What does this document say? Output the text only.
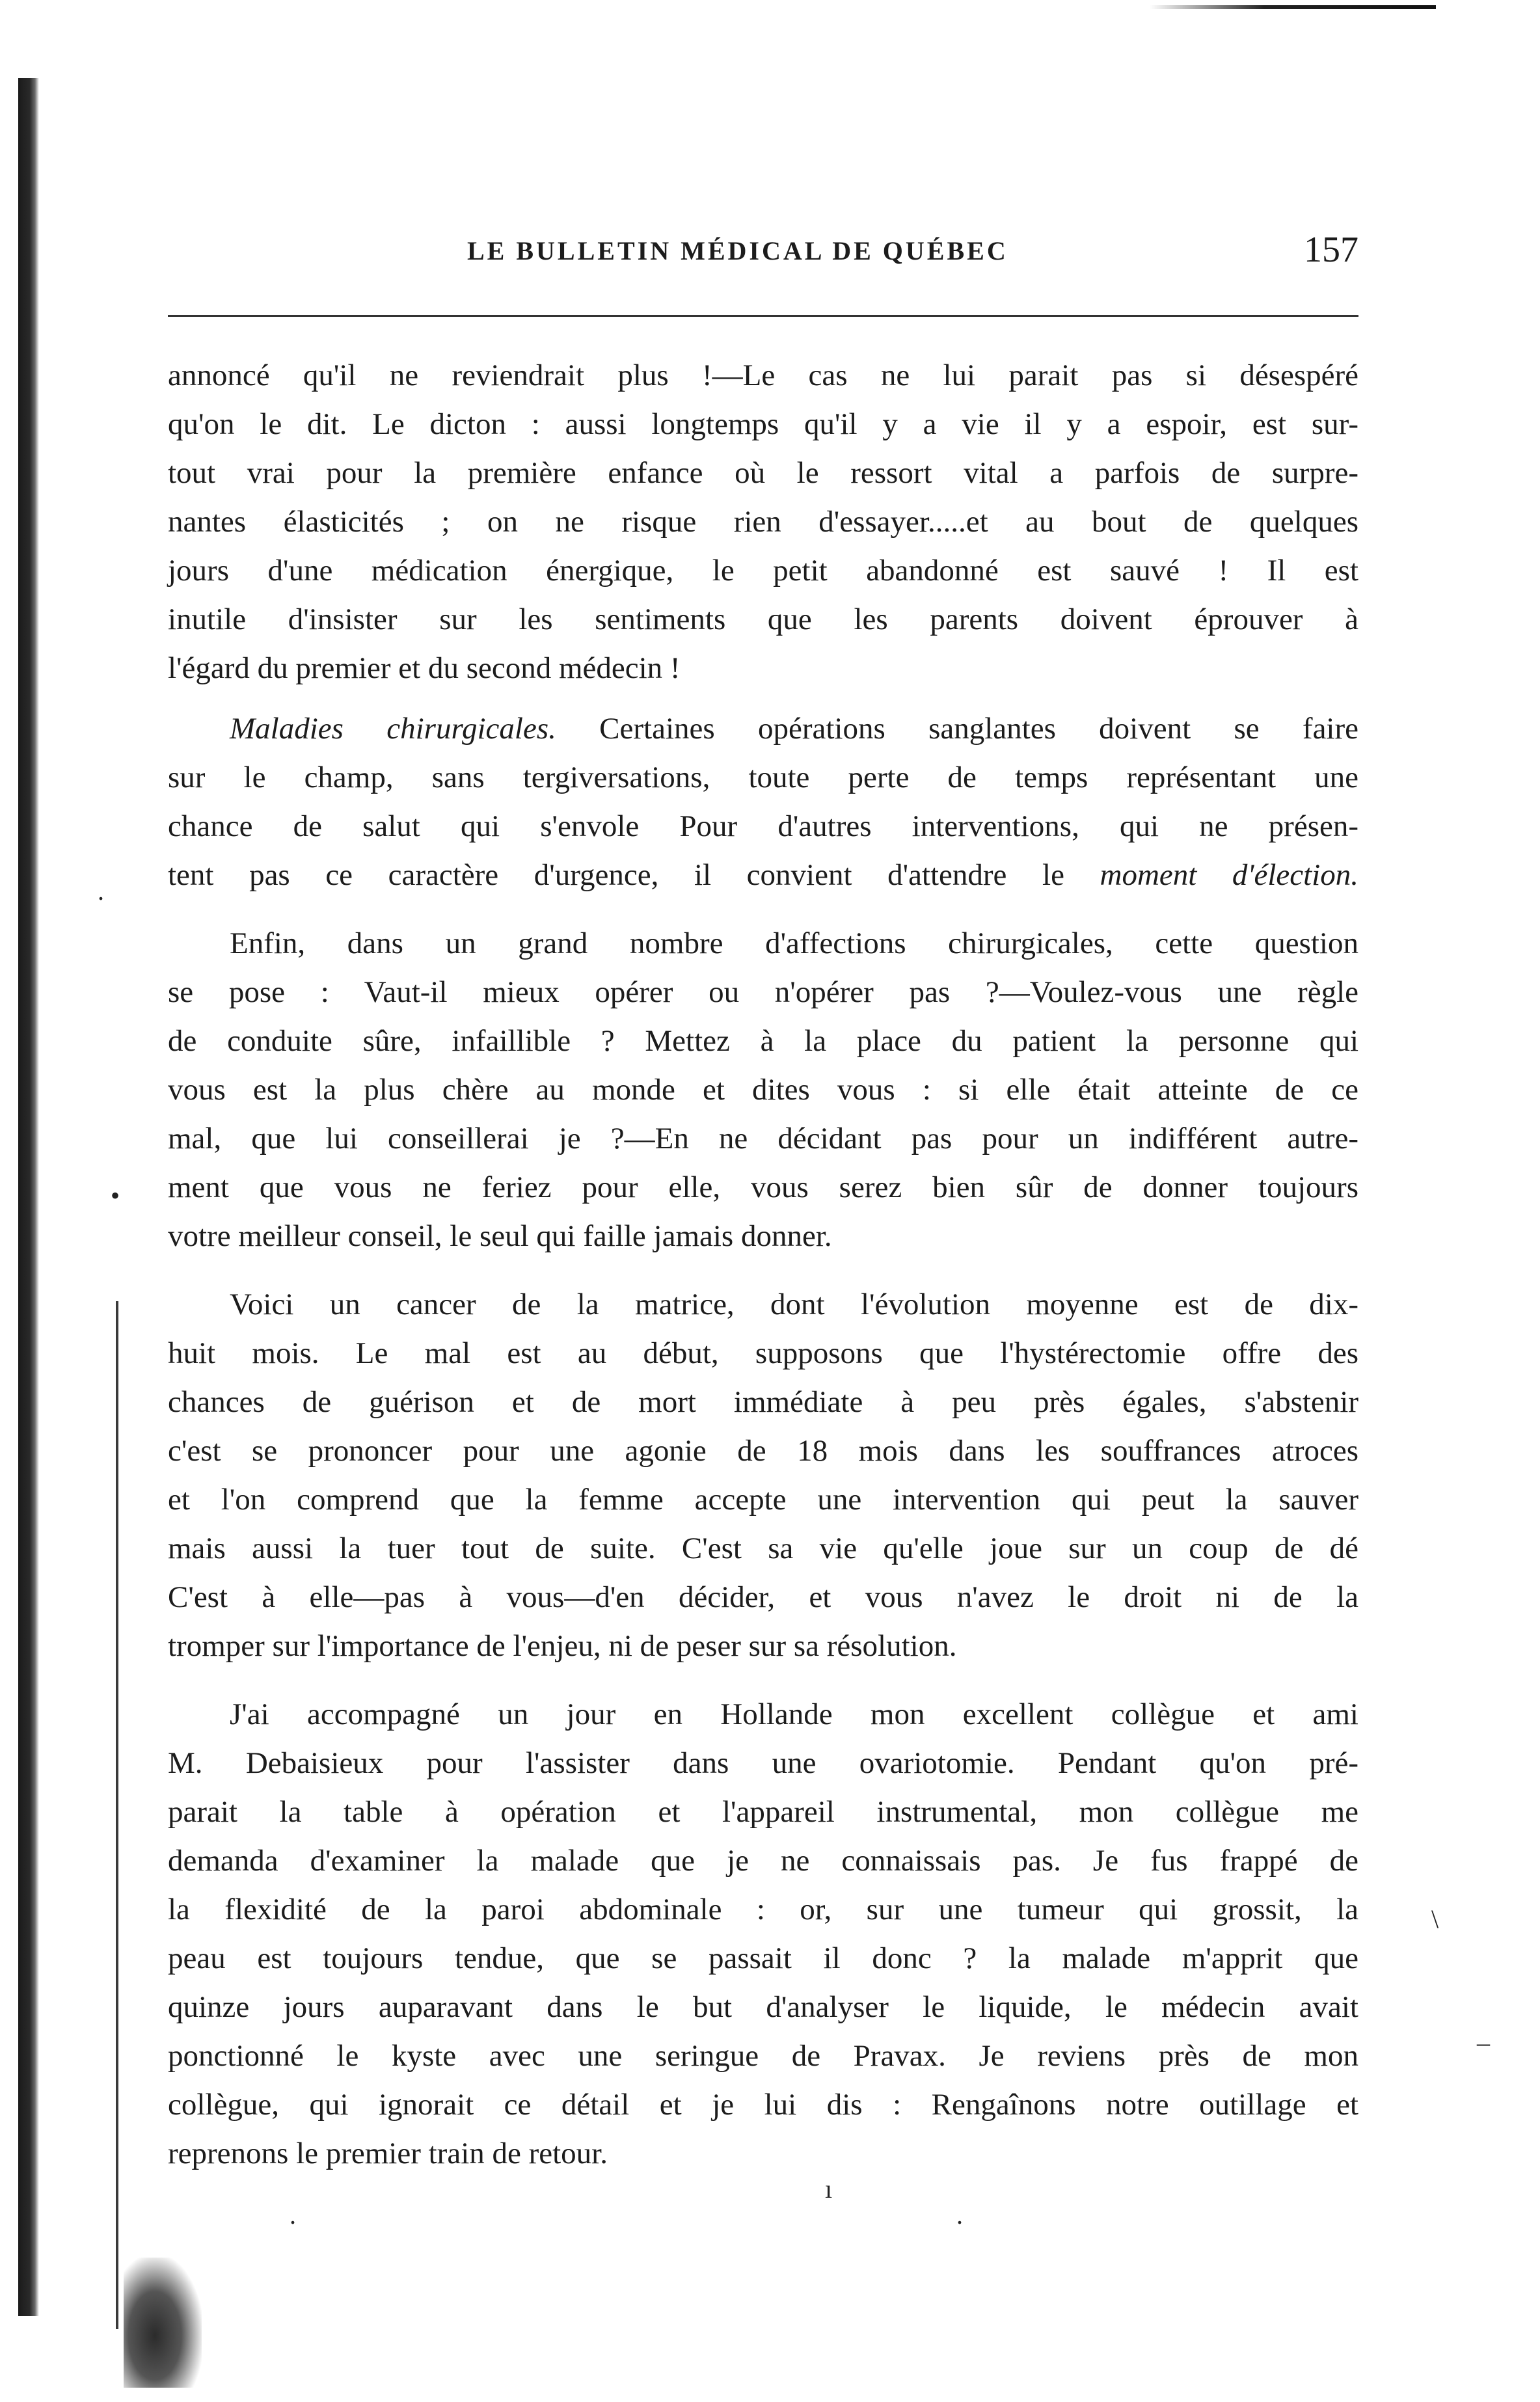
LE BULLETIN MÉDICAL DE QUÉBEC	157
annoncé qu'il ne reviendrait plus !—Le cas ne lui parait pas si désespéré
qu'on le dit. Le dicton : aussi longtemps qu'il y a vie il y a espoir, est sur-
tout vrai pour la première enfance où le ressort vital a parfois de surpre-
nantes élasticités ; on ne risque rien d'essayer.....et au bout de quelques
jours d'une médication énergique, le petit abandonné est sauvé ! Il est
inutile d'insister sur les sentiments que les parents doivent éprouver à
l'égard du premier et du second médecin !
Maladies chirurgicales. Certaines opérations sanglantes doivent se faire
sur le champ, sans tergiversations, toute perte de temps représentant une
chance de salut qui s'envole Pour d'autres interventions, qui ne présen-
tent pas ce caractère d'urgence, il convient d'attendre le moment d'élection.
Enfin, dans un grand nombre d'affections chirurgicales, cette question
se pose : Vaut-il mieux opérer ou n'opérer pas ?—Voulez-vous une règle
de conduite sûre, infaillible ? Mettez à la place du patient la personne qui
vous est la plus chère au monde et dites vous : si elle était atteinte de ce
mal, que lui conseillerai je ?—En ne décidant pas pour un indifférent autre-
ment que vous ne feriez pour elle, vous serez bien sûr de donner toujours
votre meilleur conseil, le seul qui faille jamais donner.
Voici un cancer de la matrice, dont l'évolution moyenne est de dix-
huit mois. Le mal est au début, supposons que l'hystérectomie offre des
chances de guérison et de mort immédiate à peu près égales, s'abstenir
c'est se prononcer pour une agonie de 18 mois dans les souffrances atroces
et l'on comprend que la femme accepte une intervention qui peut la sauver
mais aussi la tuer tout de suite. C'est sa vie qu'elle joue sur un coup de dé
C'est à elle—pas à vous—d'en décider, et vous n'avez le droit ni de la
tromper sur l'importance de l'enjeu, ni de peser sur sa résolution.
J'ai accompagné un jour en Hollande mon excellent collègue et ami
M. Debaisieux pour l'assister dans une ovariotomie. Pendant qu'on pré-
parait la table à opération et l'appareil instrumental, mon collègue me
demanda d'examiner la malade que je ne connaissais pas. Je fus frappé de
la flexidité de la paroi abdominale : or, sur une tumeur qui grossit, la
peau est toujours tendue, que se passait il donc ? la malade m'apprit que
quinze jours auparavant dans le but d'analyser le liquide, le médecin avait
ponctionné le kyste avec une seringue de Pravax. Je reviens près de mon
collègue, qui ignorait ce détail et je lui dis : Rengaînons notre outillage et
reprenons le premier train de retour.
.
•
\
–
ı
.	.
